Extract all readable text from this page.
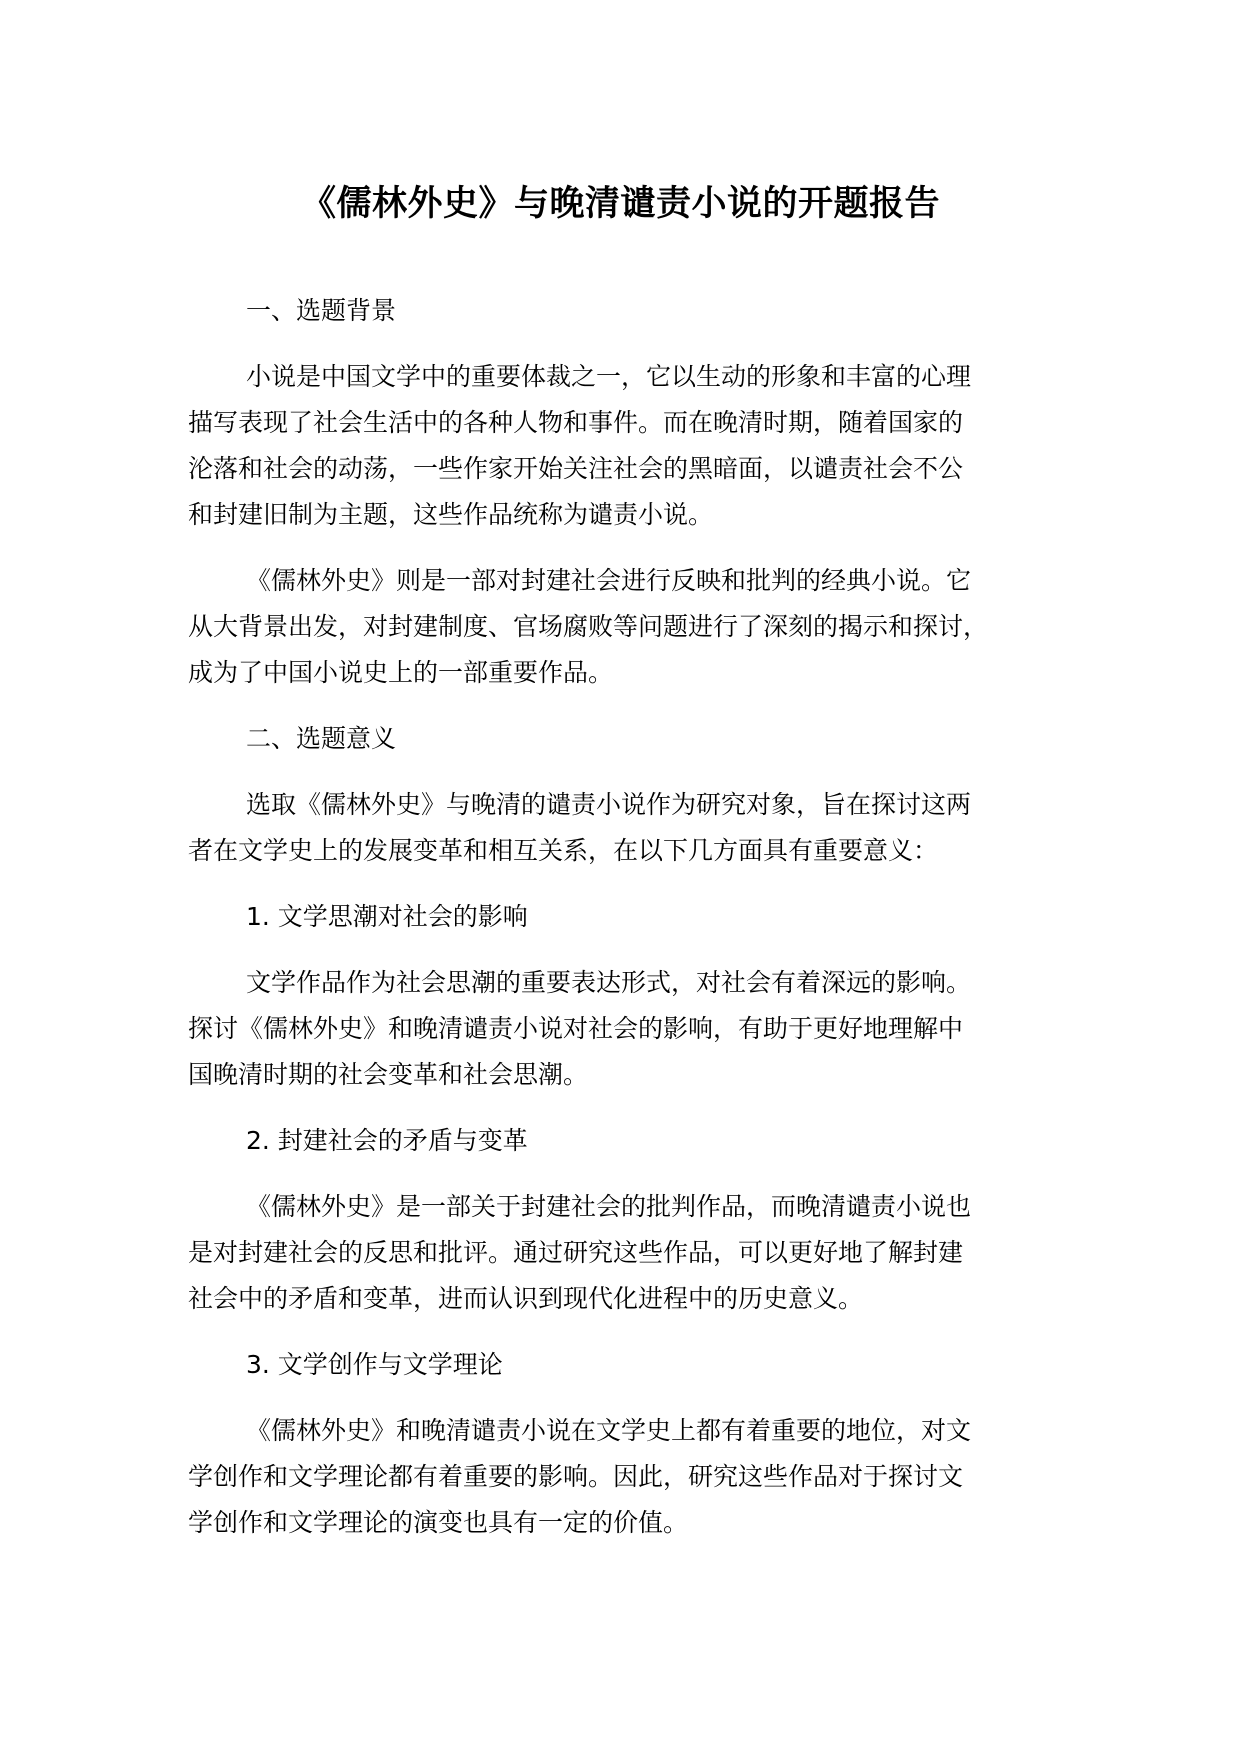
《儒林外史》与晚清谴责小说的开题报告
一、选题背景
小说是中国文学中的重要体裁之一，它以生动的形象和丰富的心理
描写表现了社会生活中的各种人物和事件。而在晚清时期，随着国家的
沦落和社会的动荡，一些作家开始关注社会的黑暗面，以谴责社会不公
和封建旧制为主题，这些作品统称为谴责小说。
《儒林外史》则是一部对封建社会进行反映和批判的经典小说。它
从大背景出发，对封建制度、官场腐败等问题进行了深刻的揭示和探讨，
成为了中国小说史上的一部重要作品。
二、选题意义
选取《儒林外史》与晚清的谴责小说作为研究对象，旨在探讨这两
者在文学史上的发展变革和相互关系，在以下几方面具有重要意义：
1. 文学思潮对社会的影响
文学作品作为社会思潮的重要表达形式，对社会有着深远的影响。
探讨《儒林外史》和晚清谴责小说对社会的影响，有助于更好地理解中
国晚清时期的社会变革和社会思潮。
2. 封建社会的矛盾与变革
《儒林外史》是一部关于封建社会的批判作品，而晚清谴责小说也
是对封建社会的反思和批评。通过研究这些作品，可以更好地了解封建
社会中的矛盾和变革，进而认识到现代化进程中的历史意义。
3. 文学创作与文学理论
《儒林外史》和晚清谴责小说在文学史上都有着重要的地位，对文
学创作和文学理论都有着重要的影响。因此，研究这些作品对于探讨文
学创作和文学理论的演变也具有一定的价值。
